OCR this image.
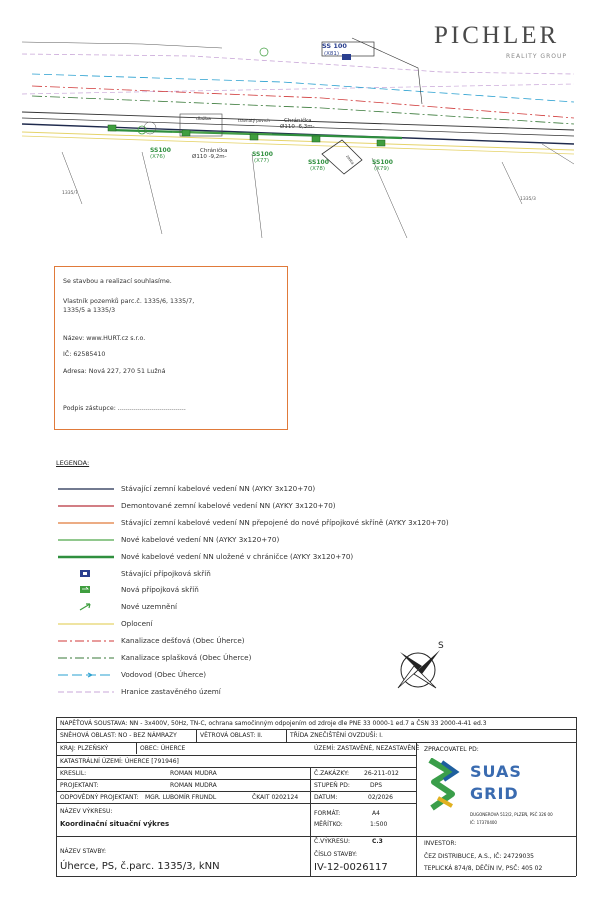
PICHLER
REALITY GROUP
SS 100
(X81)
SS100
(X76)	SS100
(X77)	SS100
(X78)
SS100
(X79)
Chránička
Ø110 -9,2m-
Chránička
Ø110 -6,3m-
dlažba	travnatý povrch
zasta
1335/7
1335/3
Se stavbou a realizací souhlasíme.
Vlastník pozemků parc.č. 1335/6, 1335/7,
1335/5 a 1335/3
Název: www.HURT.cz s.r.o.
IČ: 62585410
Adresa: Nová 227, 270 51 Lužná
Podpis zástupce: ..................................
LEGENDA:
Stávající zemní kabelové vedení NN (AYKY 3x120+70)
Demontované zemní kabelové vedení NN (AYKY 3x120+70)
Stávající zemní kabelové vedení NN přepojené do nové přípojkové skříně (AYKY 3x120+70)
Nové kabelové vedení NN (AYKY 3x120+70)
Nové kabelové vedení NN uložené v chráničce (AYKY 3x120+70)
Stávající přípojková skříň
Nová přípojková skříň
Nové uzemnění
Oplocení
Kanalizace dešťová (Obec Úherce)
Kanalizace splašková (Obec Úherce)
Vodovod (Obec Úherce)
Hranice zastavěného území
S
NAPĚŤOVÁ SOUSTAVA: NN - 3x400V, 50Hz, TN-C, ochrana samočinným odpojením od zdroje dle PNE 33 0000-1 ed.7 a ČSN 33 2000-4-41 ed.3
SNĚHOVÁ OBLAST: NO - BEZ NÁMRAZY	VĚTROVÁ OBLAST: II.	TŘÍDA ZNEČIŠTĚNÍ OVZDUŠÍ: I.
KRAJ: PLZEŇSKÝ	OBEC: ÚHERCE	ÚZEMÍ: ZASTAVĚNÉ, NEZASTAVĚNÉ
KATASTRÁLNÍ ÚZEMÍ: ÚHERCE [791946]
KRESLIL:	ROMAN MUDRA
PROJEKTANT:	ROMAN MUDRA
ODPOVĚDNÝ PROJEKTANT: MGR. LUBOMÍR FRUNDL	ČKAIT 0202124
NÁZEV VÝKRESU:
Koordinační situační výkres
Č.ZAKÁZKY:	26-211-012
STUPEŇ PD:	DPS
DATUM:	02/2026
FORMÁT:	A4
MĚŘÍTKO:	1:500
Č.VÝKRESU:	C.3
NÁZEV STAVBY:
Úherce, PS, č.parc. 1335/3, kNN
ČÍSLO STAVBY:
IV-12-0026117
ZPRACOVATEL PD:
SUAS
GRID
DUGONEROVA 512/2, PLZEŇ, PSČ 326 00
IČ: 17370400
INVESTOR:
ČEZ DISTRIBUCE, A.S., IČ: 24729035
TEPLICKÁ 874/8, DĚČÍN IV, PSČ: 405 02
